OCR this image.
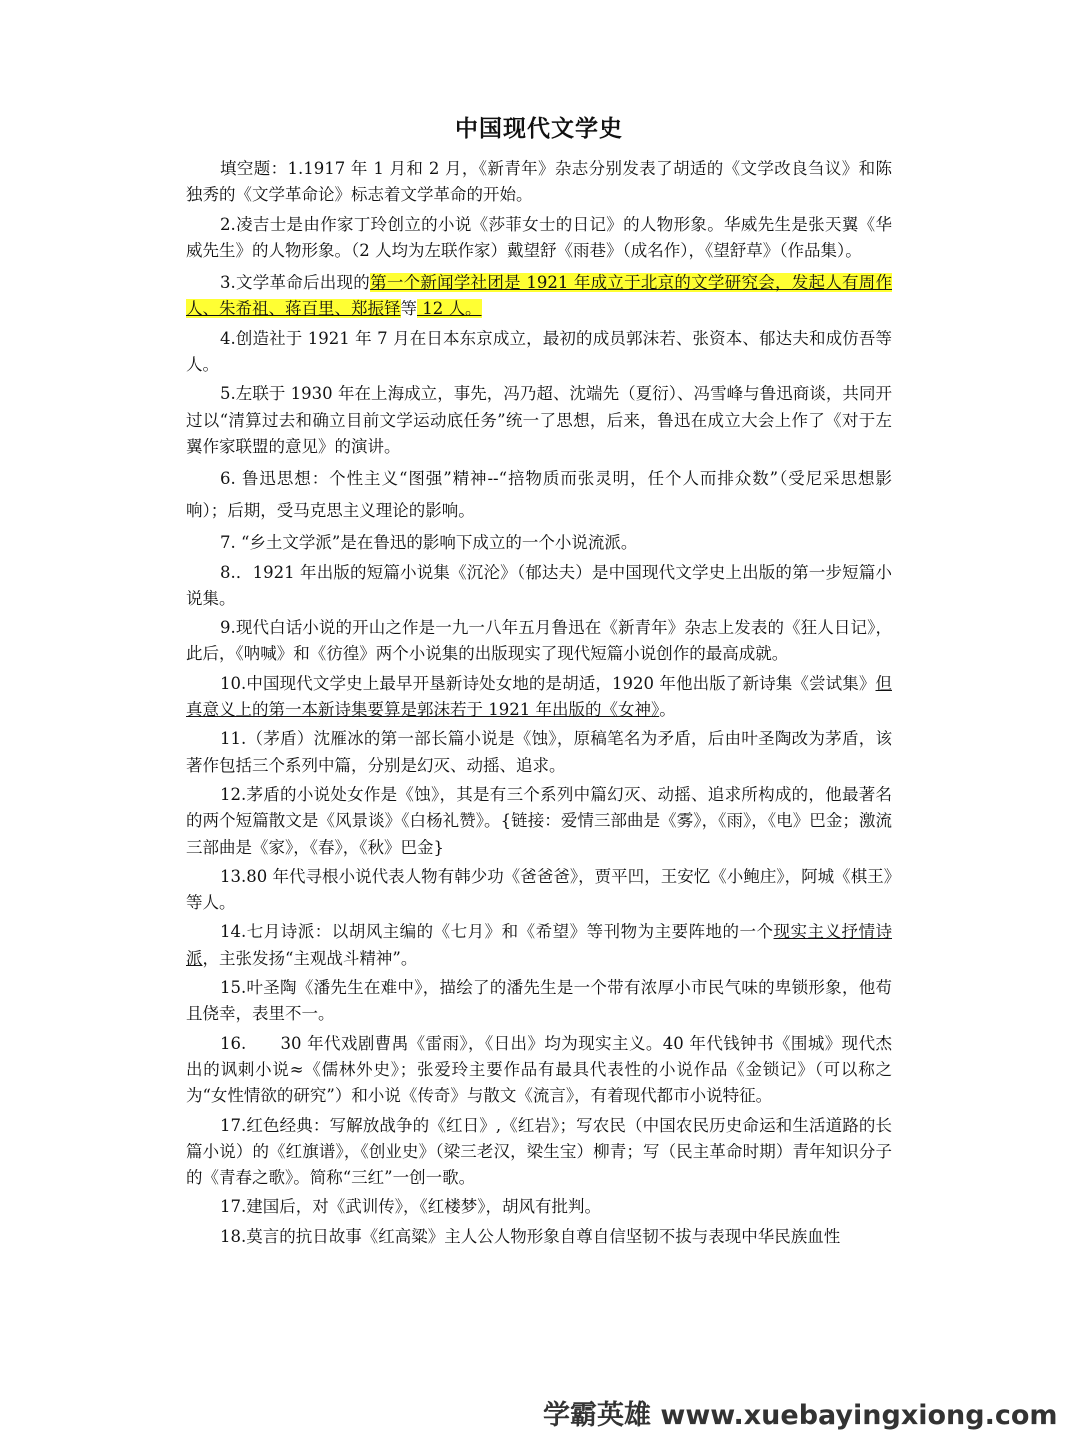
中国现代文学史

填空题：1.1917 年 1 月和 2 月，《新青年》杂志分别发表了胡适的《文学改良刍议》和陈独秀的《文学革命论》标志着文学革命的开始。

2.凌吉士是由作家丁玲创立的小说《莎菲女士的日记》的人物形象。华威先生是张天翼《华威先生》的人物形象。（2 人均为左联作家）戴望舒《雨巷》（成名作），《望舒草》（作品集）。

3.文学革命后出现的第一个新闻学社团是 1921 年成立于北京的文学研究会，发起人有周作人、朱希祖、蒋百里、郑振铎等 12 人。

4.创造社于 1921 年 7 月在日本东京成立，最初的成员郭沫若、张资本、郁达夫和成仿吾等人。

5.左联于 1930 年在上海成立，事先，冯乃超、沈端先（夏衍）、冯雪峰与鲁迅商谈，共同开过以“清算过去和确立目前文学运动底任务”统一了思想，后来，鲁迅在成立大会上作了《对于左翼作家联盟的意见》的演讲。

6. 鲁迅思想：个性主义“图强”精神--“掊物质而张灵明，任个人而排众数”（受尼采思想影响）；后期，受马克思主义理论的影响。

7. “乡土文学派”是在鲁迅的影响下成立的一个小说流派。

8.．1921 年出版的短篇小说集《沉沦》（郁达夫）是中国现代文学史上出版的第一步短篇小说集。

9.现代白话小说的开山之作是一九一八年五月鲁迅在《新青年》杂志上发表的《狂人日记》，此后，《呐喊》和《彷徨》两个小说集的出版现实了现代短篇小说创作的最高成就。

10.中国现代文学史上最早开垦新诗处女地的是胡适，1920 年他出版了新诗集《尝试集》但真意义上的第一本新诗集要算是郭沫若于 1921 年出版的《女神》。

11.（茅盾）沈雁冰的第一部长篇小说是《蚀》，原稿笔名为矛盾，后由叶圣陶改为茅盾，该著作包括三个系列中篇，分别是幻灭、动摇、追求。

12.茅盾的小说处女作是《蚀》，其是有三个系列中篇幻灭、动摇、追求所构成的，他最著名的两个短篇散文是《风景谈》《白杨礼赞》。{链接：爱情三部曲是《雾》，《雨》，《电》巴金；激流三部曲是《家》，《春》，《秋》巴金}

13.80 年代寻根小说代表人物有韩少功《爸爸爸》，贾平凹，王安忆《小鲍庄》，阿城《棋王》等人。

14.七月诗派：以胡风主编的《七月》和《希望》等刊物为主要阵地的一个现实主义抒情诗派，主张发扬“主观战斗精神”。

15.叶圣陶《潘先生在难中》，描绘了的潘先生是一个带有浓厚小市民气味的卑锁形象，他苟且侥幸，表里不一。

16.　　30 年代戏剧曹禺《雷雨》，《日出》均为现实主义。40 年代钱钟书《围城》现代杰出的讽刺小说≈《儒林外史》；张爱玲主要作品有最具代表性的小说作品《金锁记》（可以称之为“女性情欲的研究”）和小说《传奇》与散文《流言》，有着现代都市小说特征。

17.红色经典：写解放战争的《红日》,《红岩》；写农民（中国农民历史命运和生活道路的长篇小说）的《红旗谱》，《创业史》（梁三老汉，梁生宝）柳青；写（民主革命时期）青年知识分子的《青春之歌》。简称“三红”一创一歌。

17.建国后，对《武训传》，《红楼梦》，胡风有批判。

18.莫言的抗日故事《红高粱》主人公人物形象自尊自信坚韧不拔与表现中华民族血性

学霸英雄 www.xuebayingxiong.com
